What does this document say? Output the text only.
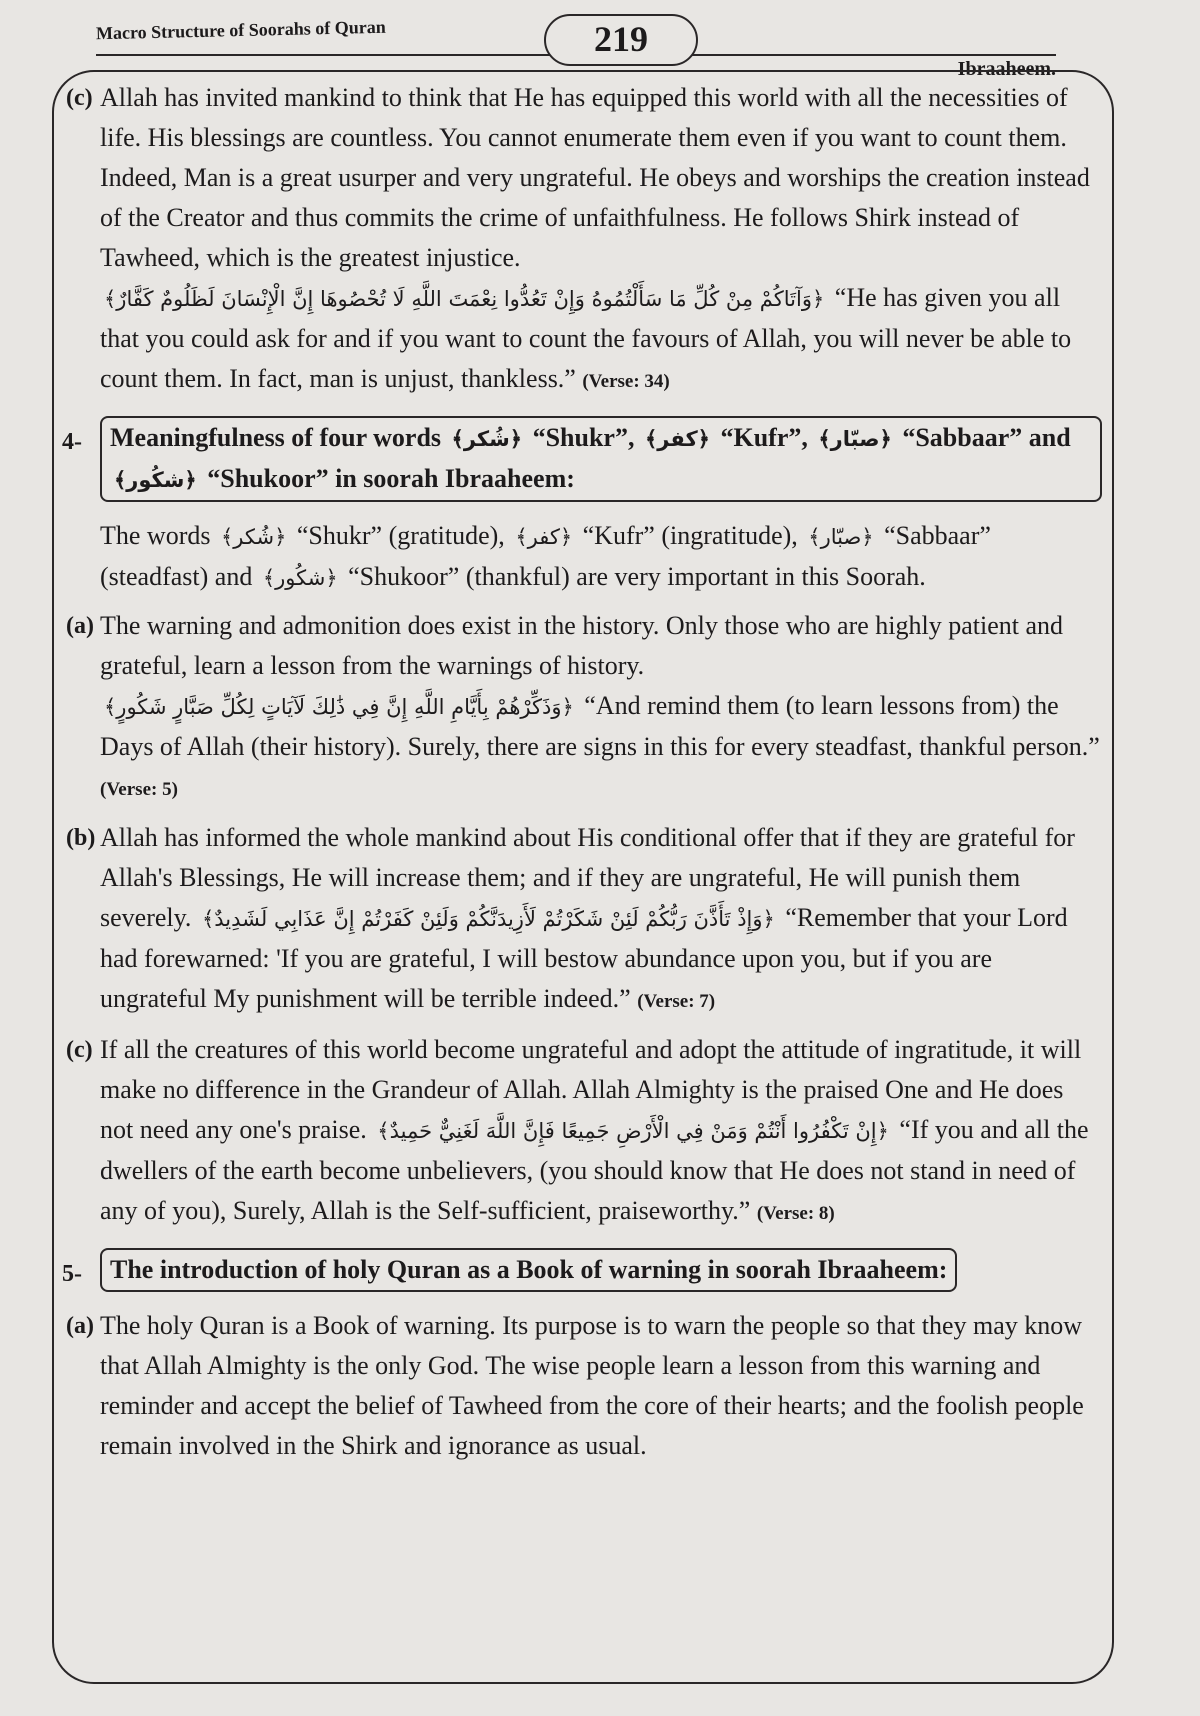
Macro Structure of Soorahs of Quran	219
Ibraaheem.

(c) Allah has invited mankind to think that He has equipped this world with all the necessities of life. His blessings are countless. You cannot enumerate them even if you want to count them. Indeed, Man is a great usurper and very ungrateful. He obeys and worships the creation instead of the Creator and thus commits the crime of unfaithfulness. He follows Shirk instead of Tawheed, which is the greatest injustice. ﴿وَآتَاكُمْ مِنْ كُلِّ مَا سَأَلْتُمُوهُ وَإِنْ تَعُدُّوا نِعْمَتَ اللَّهِ لَا تُحْصُوهَا إِنَّ الْإِنْسَانَ لَظَلُومٌ كَفَّارٌ﴾ “He has given you all that you could ask for and if you want to count the favours of Allah, you will never be able to count them. In fact, man is unjust, thankless.” (Verse: 34)

4-	Meaningfulness of four words ﴿شُكر﴾ “Shukr”, ﴿كفر﴾ “Kufr”, ﴿صبّار﴾ “Sabbaar” and ﴿شكُور﴾ “Shukoor” in soorah Ibraaheem:

The words ﴿شُكر﴾ “Shukr” (gratitude), ﴿كفر﴾ “Kufr” (ingratitude), ﴿صبّار﴾ “Sabbaar” (steadfast) and ﴿شكُور﴾ “Shukoor” (thankful) are very important in this Soorah.

(a) The warning and admonition does exist in the history. Only those who are highly patient and grateful, learn a lesson from the warnings of history. ﴿وَذَكِّرْهُمْ بِأَيَّامِ اللَّهِ إِنَّ فِي ذَٰلِكَ لَآيَاتٍ لِكُلِّ صَبَّارٍ شَكُورٍ﴾ “And remind them (to learn lessons from) the Days of Allah (their history). Surely, there are signs in this for every steadfast, thankful person.” (Verse: 5)

(b) Allah has informed the whole mankind about His conditional offer that if they are grateful for Allah's Blessings, He will increase them; and if they are ungrateful, He will punish them severely. ﴿وَإِذْ تَأَذَّنَ رَبُّكُمْ لَئِنْ شَكَرْتُمْ لَأَزِيدَنَّكُمْ وَلَئِنْ كَفَرْتُمْ إِنَّ عَذَابِي لَشَدِيدٌ﴾ “Remember that your Lord had forewarned: 'If you are grateful, I will bestow abundance upon you, but if you are ungrateful My punishment will be terrible indeed.” (Verse: 7)

(c) If all the creatures of this world become ungrateful and adopt the attitude of ingratitude, it will make no difference in the Grandeur of Allah. Allah Almighty is the praised One and He does not need any one's praise. ﴿إِنْ تَكْفُرُوا أَنْتُمْ وَمَنْ فِي الْأَرْضِ جَمِيعًا فَإِنَّ اللَّهَ لَغَنِيٌّ حَمِيدٌ﴾ “If you and all the dwellers of the earth become unbelievers, (you should know that He does not stand in need of any of you), Surely, Allah is the Self-sufficient, praiseworthy.” (Verse: 8)

5- The introduction of holy Quran as a Book of warning in soorah Ibraaheem:

(a) The holy Quran is a Book of warning. Its purpose is to warn the people so that they may know that Allah Almighty is the only God. The wise people learn a lesson from this warning and reminder and accept the belief of Tawheed from the core of their hearts; and the foolish people remain involved in the Shirk and ignorance as usual.
